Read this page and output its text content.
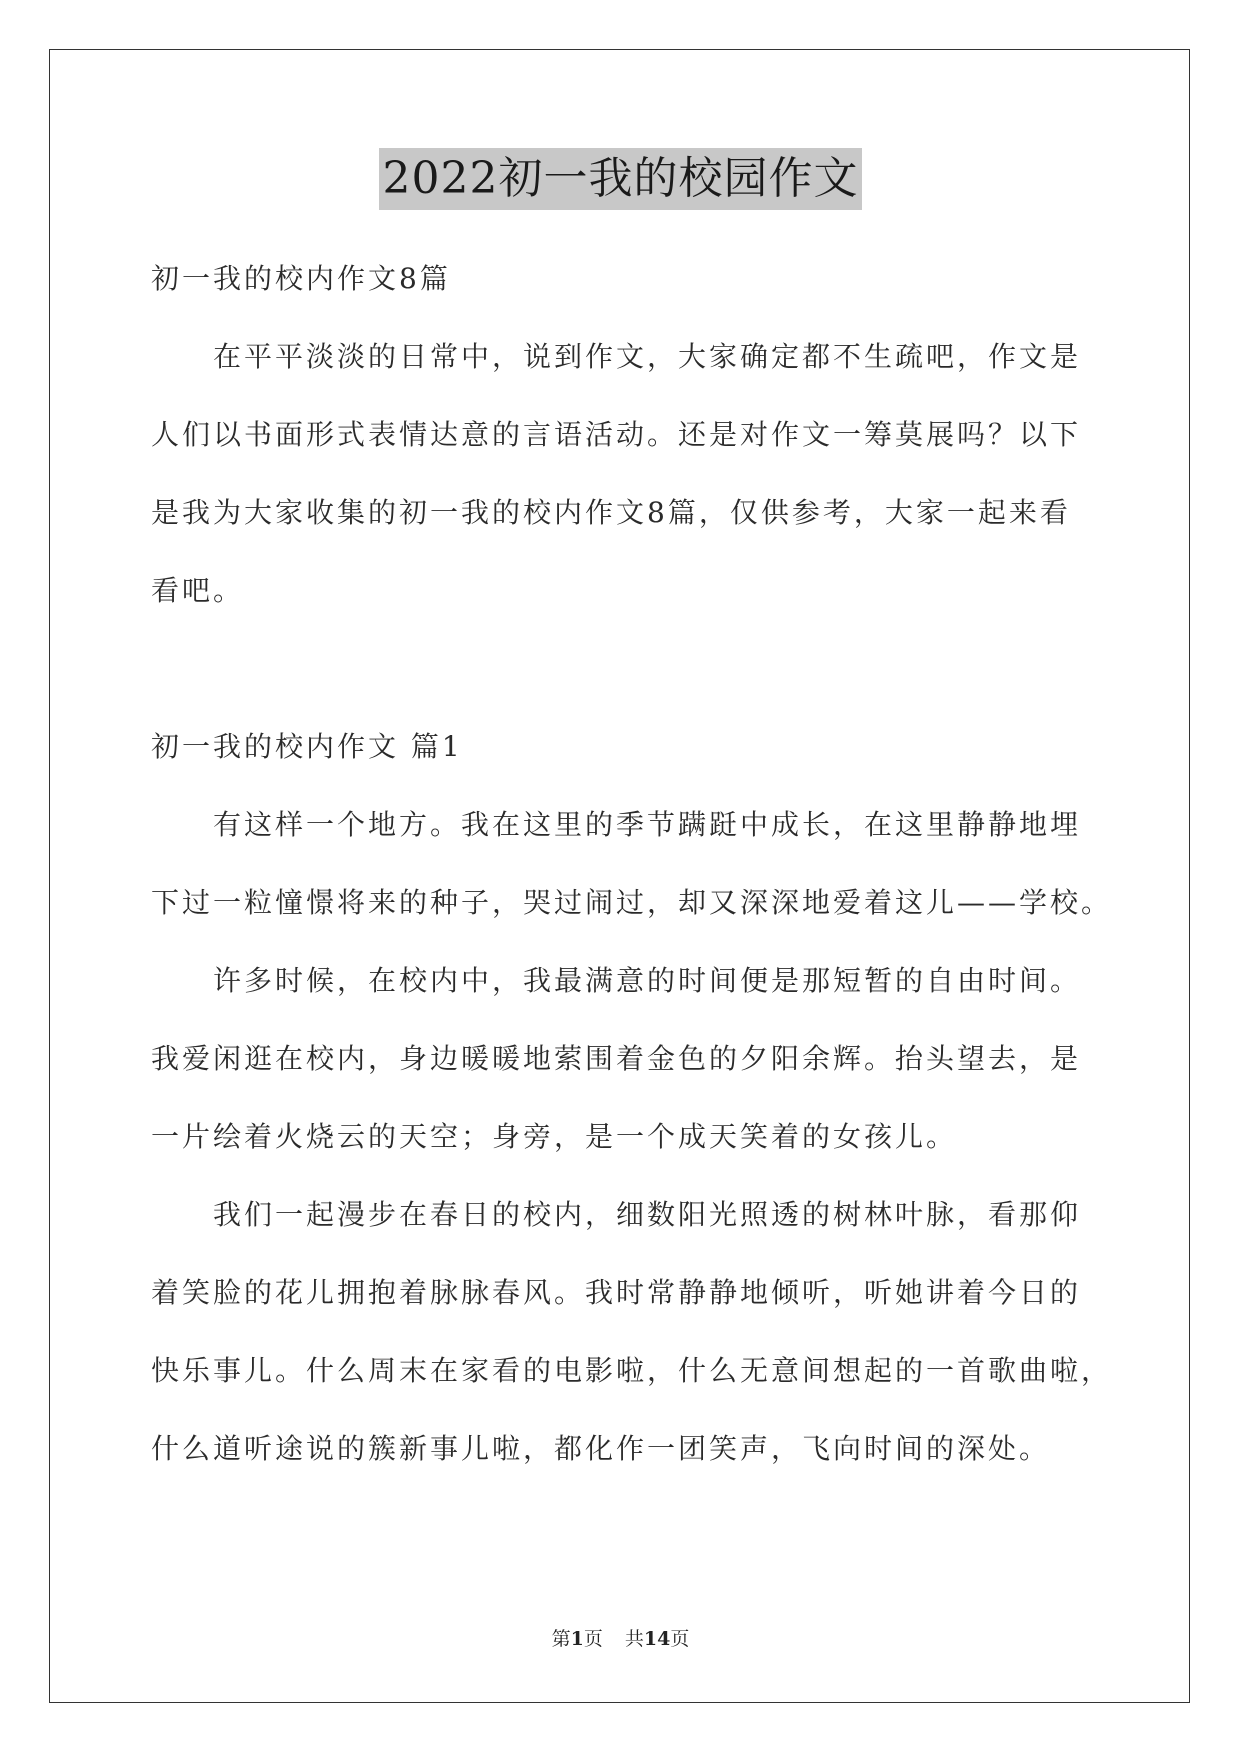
2022初一我的校园作文

初一我的校内作文8篇

在平平淡淡的日常中，说到作文，大家确定都不生疏吧，作文是

人们以书面形式表情达意的言语活动。还是对作文一筹莫展吗？以下

是我为大家收集的初一我的校内作文8篇，仅供参考，大家一起来看

看吧。

初一我的校内作文 篇1

有这样一个地方。我在这里的季节蹒跹中成长，在这里静静地埋

下过一粒憧憬将来的种子，哭过闹过，却又深深地爱着这儿——学校。

许多时候，在校内中，我最满意的时间便是那短暂的自由时间。

我爱闲逛在校内，身边暖暖地萦围着金色的夕阳余辉。抬头望去，是

一片绘着火烧云的天空；身旁，是一个成天笑着的女孩儿。

我们一起漫步在春日的校内，细数阳光照透的树林叶脉，看那仰

着笑脸的花儿拥抱着脉脉春风。我时常静静地倾听，听她讲着今日的

快乐事儿。什么周末在家看的电影啦，什么无意间想起的一首歌曲啦，

什么道听途说的簇新事儿啦，都化作一团笑声，飞向时间的深处。

第1页 共14页
